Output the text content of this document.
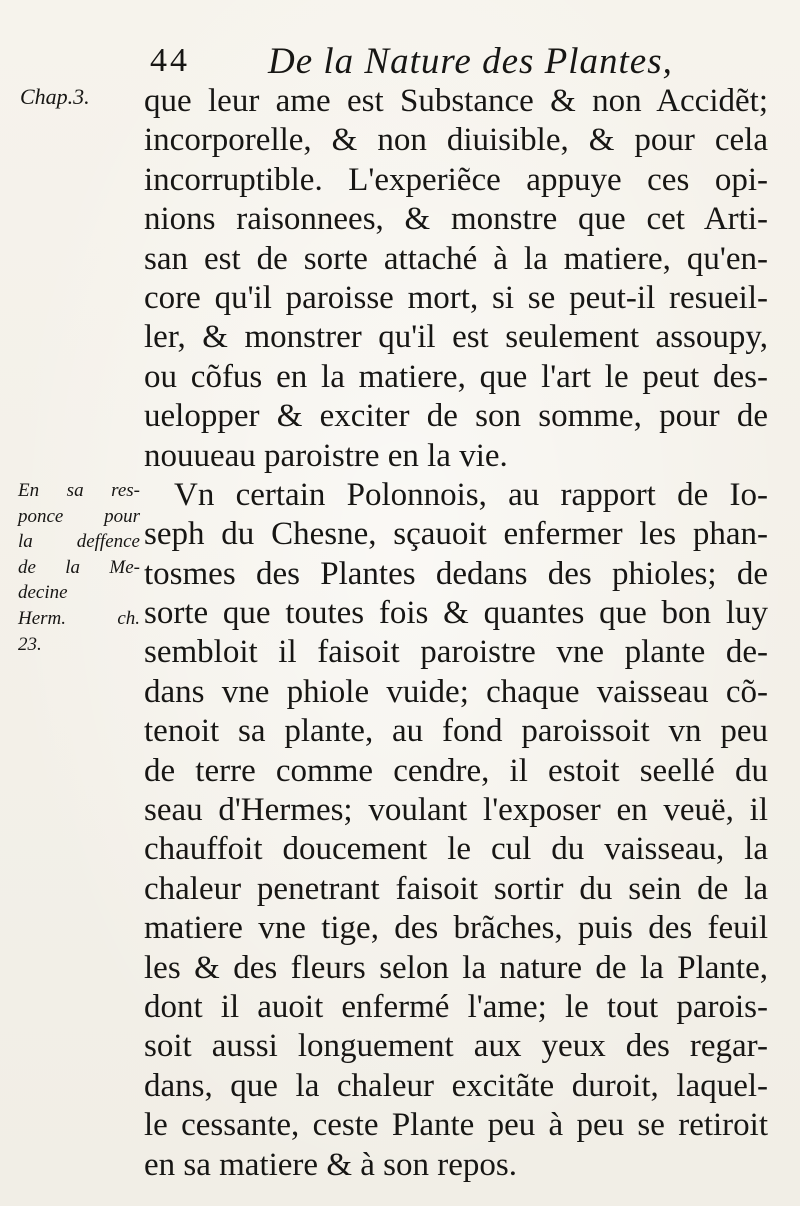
44 De la Nature des Plantes,
Chap.3.
En sa res-
ponce pour
la deffence
de la Me-
decine
Herm. ch.
23.
que leur ame est Substance & non Accidẽt;
incorporelle, & non diuisible, & pour cela
incorruptible. L'experiẽce appuye ces opi-
nions raisonnees, & monstre que cet Arti-
san est de sorte attaché à la matiere, qu'en-
core qu'il paroisse mort, si se peut-il resueil-
ler, & monstrer qu'il est seulement assoupy,
ou cõfus en la matiere, que l'art le peut des-
uelopper & exciter de son somme, pour de
nouueau paroistre en la vie.
Vn certain Polonnois, au rapport de Io-
seph du Chesne, sçauoit enfermer les phan-
tosmes des Plantes dedans des phioles; de
sorte que toutes fois & quantes que bon luy
sembloit il faisoit paroistre vne plante de-
dans vne phiole vuide; chaque vaisseau cõ-
tenoit sa plante, au fond paroissoit vn peu
de terre comme cendre, il estoit seellé du
seau d'Hermes; voulant l'exposer en veuë, il
chauffoit doucement le cul du vaisseau, la
chaleur penetrant faisoit sortir du sein de la
matiere vne tige, des brãches, puis des feuil
les & des fleurs selon la nature de la Plante,
dont il auoit enfermé l'ame; le tout parois-
soit aussi longuement aux yeux des regar-
dans, que la chaleur excitãte duroit, laquel-
le cessante, ceste Plante peu à peu se retiroit
en sa matiere & à son repos.
